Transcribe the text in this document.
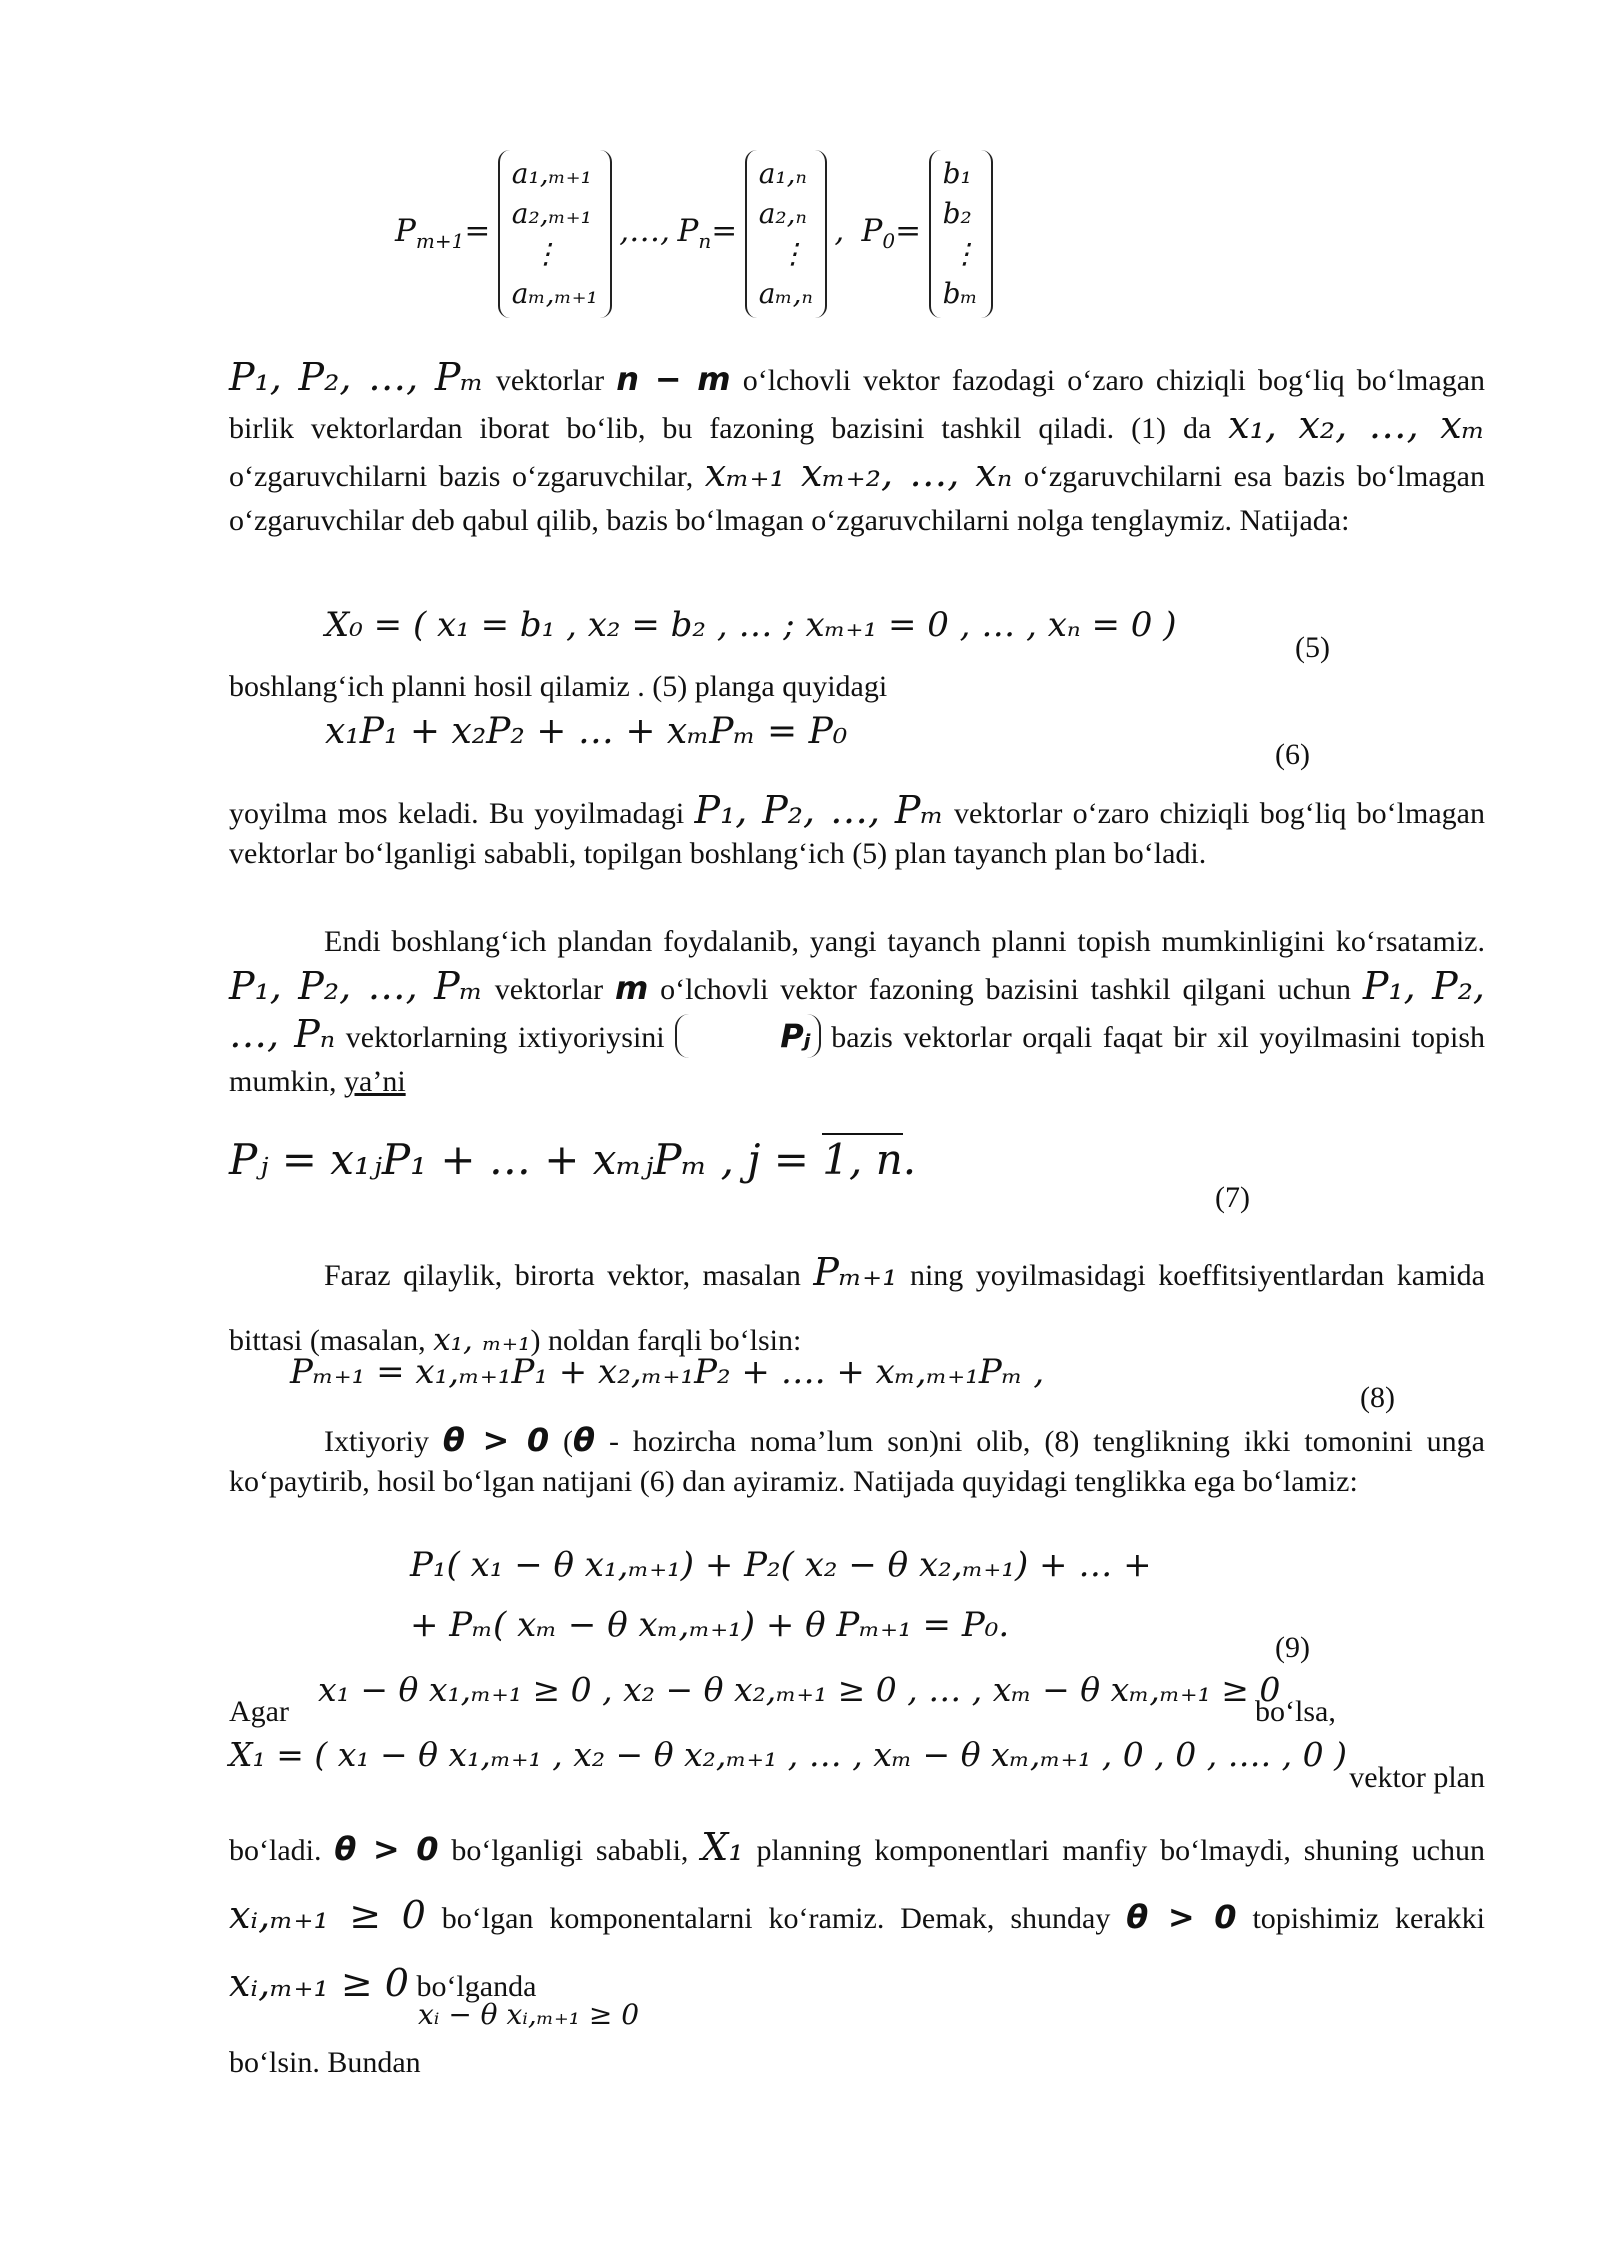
$P_{m+1}=$
a₁,ₘ₊₁
a₂,ₘ₊₁
⋮
aₘ,ₘ₊₁
,…, $P_n=$
a₁,ₙ
a₂,ₙ
⋮
aₘ,ₙ
,  $P_0=$
b₁
b₂
⋮
bₘ
P₁, P₂, …, Pₘ vektorlar n − m o‘lchovli vektor fazodagi o‘zaro chiziqli bog‘liq bo‘lmagan birlik vektorlardan iborat bo‘lib, bu fazoning bazisini tashkil qiladi. (1) da x₁, x₂, …, xₘ o‘zgaruvchilarni bazis o‘zgaruvchilar, xₘ₊₁ xₘ₊₂, …, xₙ o‘zgaruvchilarni esa bazis bo‘lmagan o‘zgaruvchilar deb qabul qilib, bazis bo‘lmagan o‘zgaruvchilarni nolga tenglaymiz. Natijada:
X₀ = ( x₁ = b₁ , x₂ = b₂ , … ; xₘ₊₁ = 0 , … , xₙ = 0 )
(5)
boshlang‘ich planni hosil qilamiz . (5) planga quyidagi
x₁P₁ + x₂P₂ + … + xₘPₘ = P₀
(6)
yoyilma mos keladi. Bu yoyilmadagi P₁, P₂, …, Pₘ vektorlar o‘zaro chiziqli bog‘liq bo‘lmagan vektorlar bo‘lganligi sababli, topilgan boshlang‘ich (5) plan tayanch plan bo‘ladi.
Endi boshlang‘ich plandan foydalanib, yangi tayanch planni topish mumkinligini ko‘rsatamiz. P₁, P₂, …, Pₘ vektorlar m o‘lchovli vektor fazoning bazisini tashkil qilgani uchun P₁, P₂, …, Pₙ vektorlarning ixtiyoriysini	Pⱼ bazis vektorlar orqali faqat bir xil yoyilmasini topish mumkin, ya’ni
Pⱼ = x₁ⱼP₁ + … + xₘⱼPₘ , j = 1, n.
(7)
Faraz qilaylik, birorta vektor, masalan Pₘ₊₁ ning yoyilmasidagi koeffitsiyentlardan kamida bittasi (masalan, x₁, ₘ₊₁) noldan farqli bo‘lsin:
Pₘ₊₁ = x₁,ₘ₊₁P₁ + x₂,ₘ₊₁P₂ + …. + xₘ,ₘ₊₁Pₘ ,
(8)
Ixtiyoriy θ > 0 (θ - hozircha noma’lum son)ni olib, (8) tenglikning ikki tomonini unga ko‘paytirib, hosil bo‘lgan natijani (6) dan ayiramiz. Natijada quyidagi tenglikka ega bo‘lamiz:
P₁( x₁ − θ x₁,ₘ₊₁) + P₂( x₂ − θ x₂,ₘ₊₁) + … +
+ Pₘ( xₘ − θ xₘ,ₘ₊₁) + θ Pₘ₊₁ = P₀.
(9)
Agar
x₁ − θ x₁,ₘ₊₁ ≥ 0 , x₂ − θ x₂,ₘ₊₁ ≥ 0 , … , xₘ − θ xₘ,ₘ₊₁ ≥ 0
bo‘lsa,
X₁ = ( x₁ − θ x₁,ₘ₊₁ , x₂ − θ x₂,ₘ₊₁ , … , xₘ − θ xₘ,ₘ₊₁ , 0 , 0 , …. , 0 )
vektor plan
bo‘ladi. θ > 0 bo‘lganligi sababli, X₁ planning komponentlari manfiy bo‘lmaydi, shuning uchun xᵢ,ₘ₊₁ ≥ 0 bo‘lgan komponentalarni ko‘ramiz. Demak, shunday θ > 0 topishimiz kerakki xᵢ,ₘ₊₁ ≥ 0 bo‘lganda
xᵢ − θ xᵢ,ₘ₊₁ ≥ 0
bo‘lsin. Bundan
